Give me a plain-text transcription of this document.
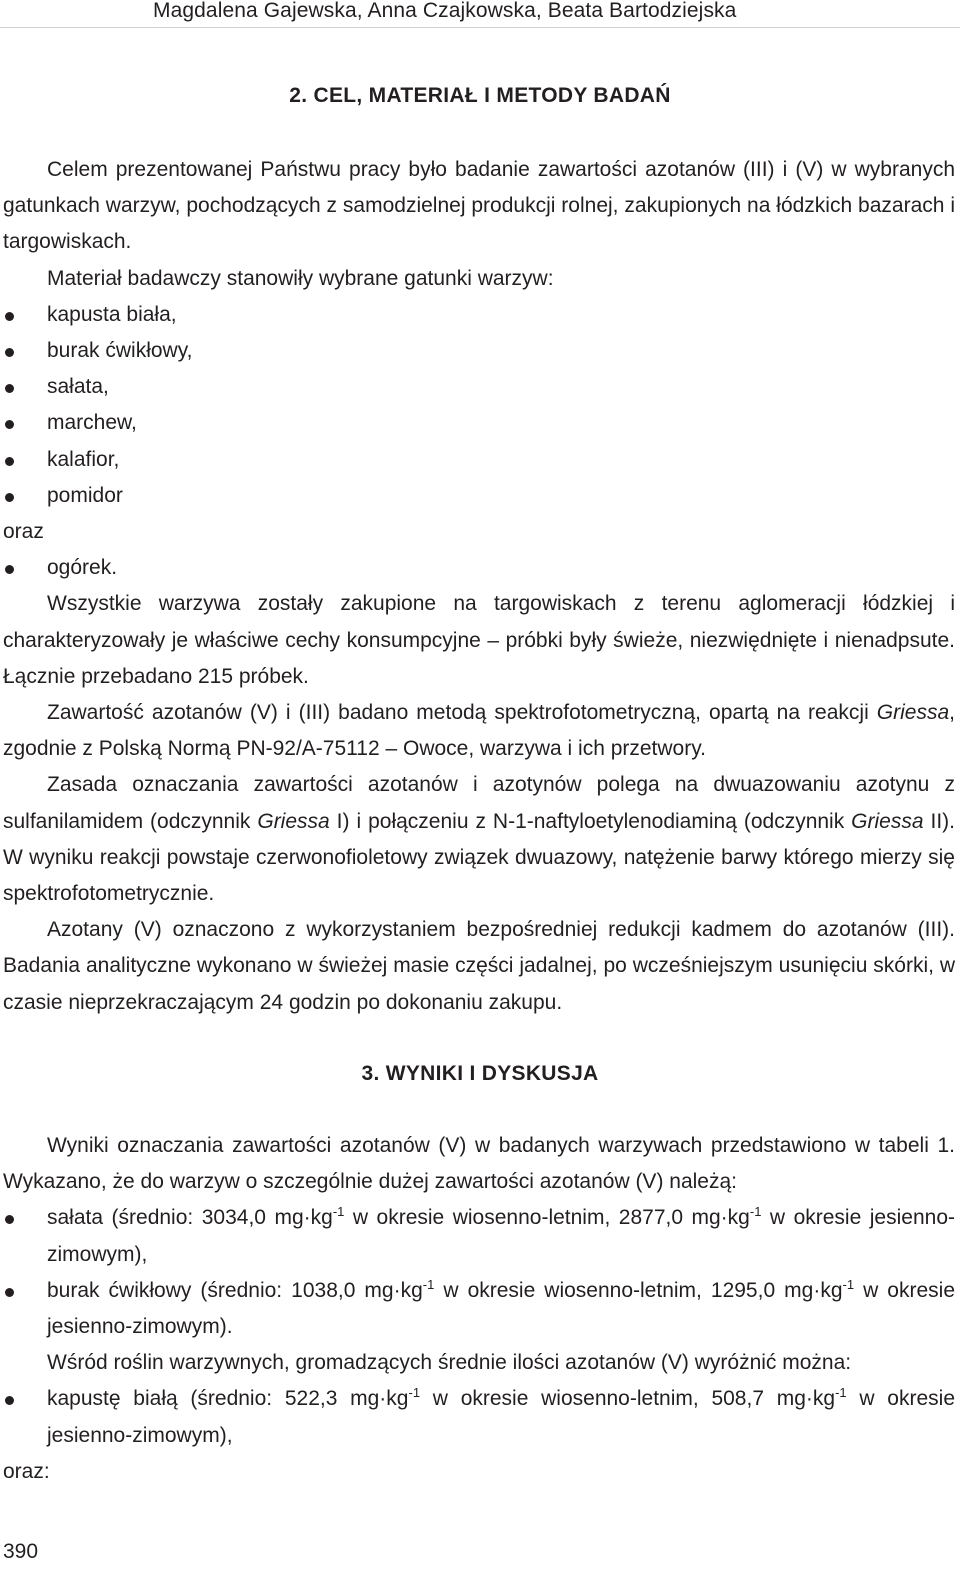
Magdalena Gajewska, Anna Czajkowska, Beata Bartodziejska
2. CEL, MATERIAŁ I METODY BADAŃ

Celem prezentowanej Państwu pracy było badanie zawartości azotanów (III) i (V) w wybranych gatunkach warzyw, pochodzących z samodzielnej produkcji rolnej, zakupionych na łódzkich bazarach i targowiskach.

Materiał badawczy stanowiły wybrane gatunki warzyw:

kapusta biała,

burak ćwikłowy,

sałata,

marchew,

kalafior,

pomidor

oraz

ogórek.

Wszystkie warzywa zostały zakupione na targowiskach z terenu aglomeracji łódzkiej i charakteryzowały je właściwe cechy konsumpcyjne – próbki były świeże, niezwiędnięte i nienadpsute. Łącznie przebadano 215 próbek.

Zawartość azotanów (V) i (III) badano metodą spektrofotometryczną, opartą na reakcji Griessa, zgodnie z Polską Normą PN-92/A-75112 – Owoce, warzywa i ich przetwory.

Zasada oznaczania zawartości azotanów i azotynów polega na dwuazowaniu azotynu z sulfanilamidem (odczynnik Griessa I) i połączeniu z N-1-naftyloetylenodiaminą (odczynnik Griessa II). W wyniku reakcji powstaje czerwonofioletowy związek dwuazowy, natężenie barwy którego mierzy się spektrofotometrycznie.

Azotany (V) oznaczono z wykorzystaniem bezpośredniej redukcji kadmem do azotanów (III). Badania analityczne wykonano w świeżej masie części jadalnej, po wcześniejszym usunięciu skórki, w czasie nieprzekraczającym 24 godzin po dokonaniu zakupu.

3. WYNIKI I DYSKUSJA

Wyniki oznaczania zawartości azotanów (V) w badanych warzywach przedstawiono w tabeli 1. Wykazano, że do warzyw o szczególnie dużej zawartości azotanów (V) należą:

sałata (średnio: 3034,0 $mg\cdot kg^{-1}$ w okresie wiosenno-letnim, 2877,0 $mg\cdot kg^{-1}$ w okresie jesienno-zimowym),

burak ćwikłowy (średnio: 1038,0 $mg\cdot kg^{-1}$ w okresie wiosenno-letnim, 1295,0 $mg\cdot kg^{-1}$ w okresie jesienno-zimowym).

Wśród roślin warzywnych, gromadzących średnie ilości azotanów (V) wyróżnić można:

kapustę białą (średnio: 522,3 $mg\cdot kg^{-1}$ w okresie wiosenno-letnim, 508,7 $mg\cdot kg^{-1}$ w okresie jesienno-zimowym),

oraz:

390
